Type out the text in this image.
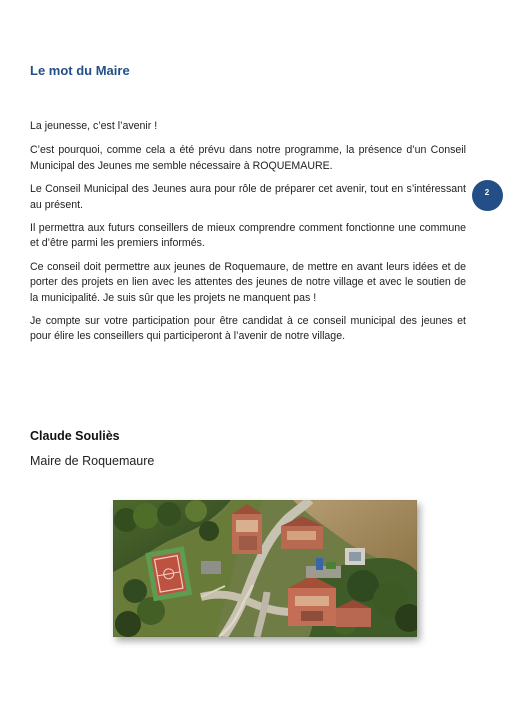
Le mot du Maire

La jeunesse, c’est l’avenir !

C’est pourquoi, comme cela a été prévu dans notre programme, la présence d’un Conseil Municipal des Jeunes me semble nécessaire à ROQUEMAURE.

Le Conseil Municipal des Jeunes aura pour rôle de préparer cet avenir, tout en s’intéressant au présent.

Il permettra aux futurs conseillers de mieux comprendre comment fonctionne une commune et d’être parmi les premiers informés.

Ce conseil doit permettre aux jeunes de Roquemaure, de mettre en avant leurs idées et de porter des projets en lien avec les attentes des jeunes de notre village et avec le soutien de la municipalité. Je suis sûr que les projets ne manquent pas !

Je compte sur votre participation pour être candidat à ce conseil municipal des jeunes et pour élire les conseillers qui participeront à l’avenir de notre village.

2
Claude Souliès

Maire de Roquemaure
